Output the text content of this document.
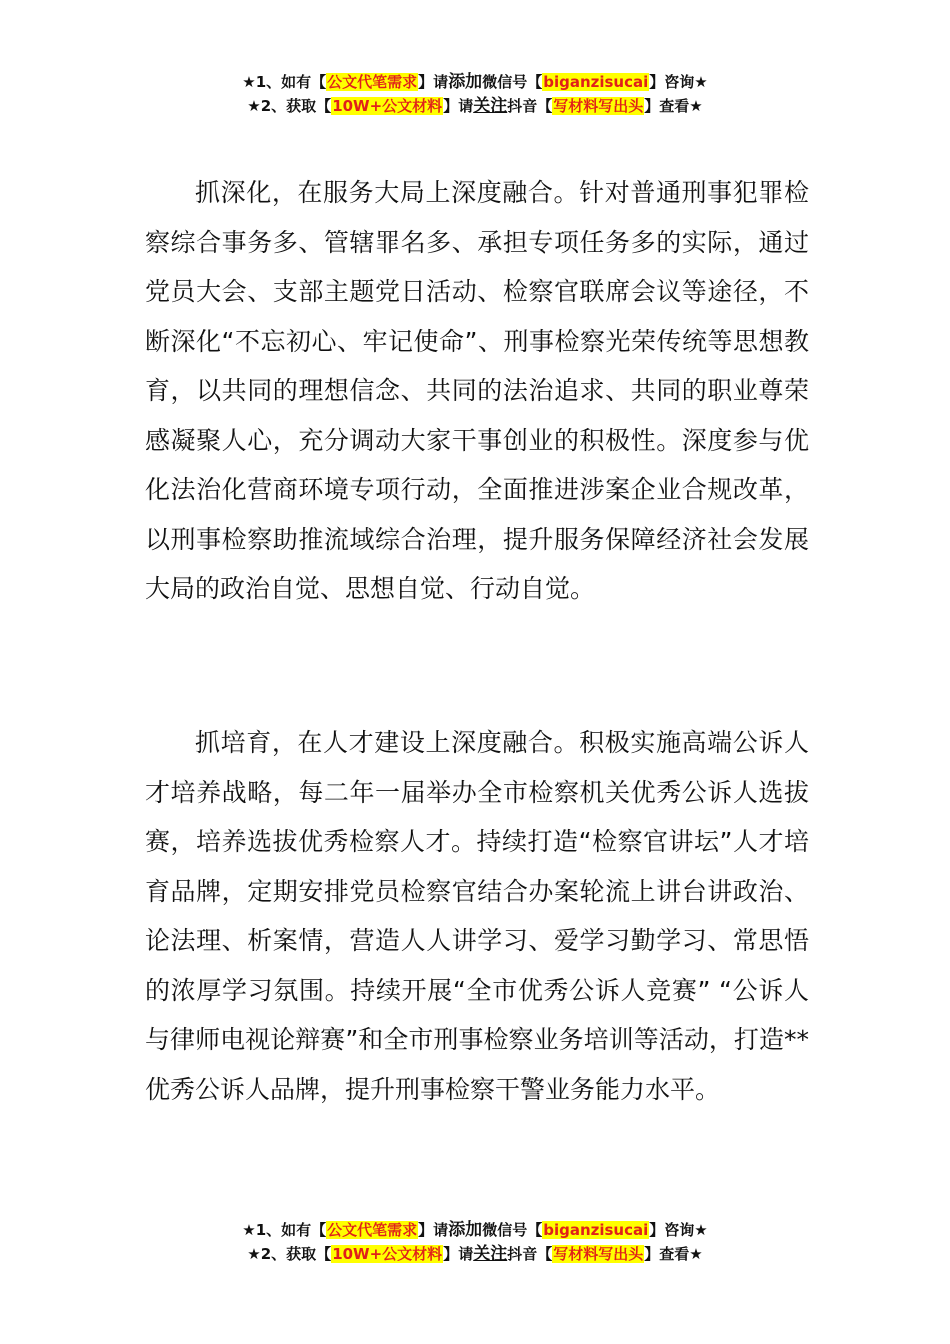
★1、如有【公文代笔需求】请添加微信号【biganzisucai】咨询★
★2、获取【10W+公文材料】请关注抖音【写材料写出头】查看★

抓深化，在服务大局上深度融合。针对普通刑事犯罪检察综合事务多、管辖罪名多、承担专项任务多的实际，通过党员大会、支部主题党日活动、检察官联席会议等途径，不断深化“不忘初心、牢记使命”、刑事检察光荣传统等思想教育，以共同的理想信念、共同的法治追求、共同的职业尊荣感凝聚人心，充分调动大家干事创业的积极性。深度参与优化法治化营商环境专项行动，全面推进涉案企业合规改革，以刑事检察助推流域综合治理，提升服务保障经济社会发展大局的政治自觉、思想自觉、行动自觉。

抓培育，在人才建设上深度融合。积极实施高端公诉人才培养战略，每二年一届举办全市检察机关优秀公诉人选拔赛，培养选拔优秀检察人才。持续打造“检察官讲坛”人才培育品牌，定期安排党员检察官结合办案轮流上讲台讲政治、论法理、析案情，营造人人讲学习、爱学习勤学习、常思悟的浓厚学习氛围。持续开展“全市优秀公诉人竞赛” “公诉人与律师电视论辩赛”和全市刑事检察业务培训等活动，打造**优秀公诉人品牌，提升刑事检察干警业务能力水平。

★1、如有【公文代笔需求】请添加微信号【biganzisucai】咨询★
★2、获取【10W+公文材料】请关注抖音【写材料写出头】查看★
